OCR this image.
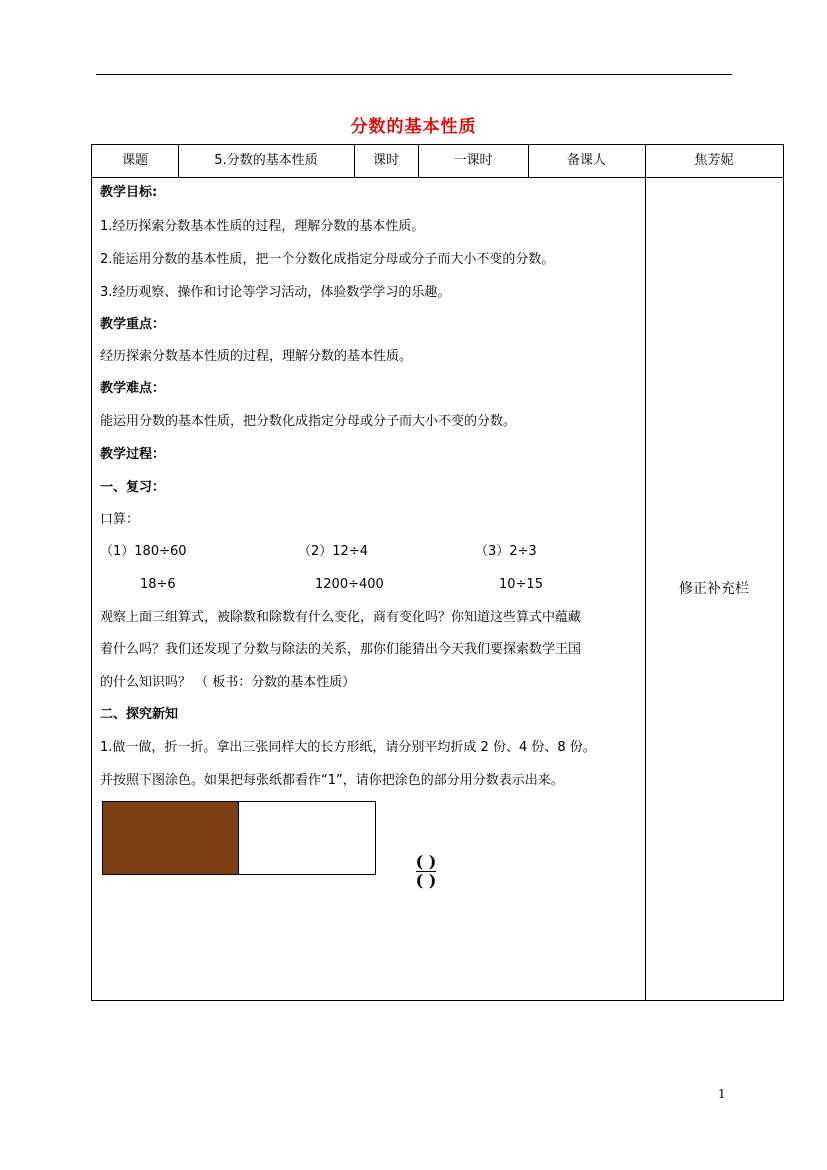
分数的基本性质
课题	5.分数的基本性质	课时	一课时	备课人	焦芳妮
教学目标:
1.经历探索分数基本性质的过程，理解分数的基本性质。
2.能运用分数的基本性质，把一个分数化成指定分母或分子而大小不变的分数。
3.经历观察、操作和讨论等学习活动，体验数学学习的乐趣。
教学重点：
经历探索分数基本性质的过程，理解分数的基本性质。
教学难点：
能运用分数的基本性质，把分数化成指定分母或分子而大小不变的分数。
教学过程：
一、复习：
口算：
（1）180÷60	（2）12÷4	（3）2÷3
18÷6	1200÷400	10÷15
观察上面三组算式，被除数和除数有什么变化，商有变化吗？你知道这些算式中蕴藏
着什么吗？我们还发现了分数与除法的关系，那你们能猜出今天我们要探索数学王国
的什么知识吗？ （ 板书：分数的基本性质）
二、探究新知
1.做一做，折一折。拿出三张同样大的长方形纸，请分别平均折成 2 份、4 份、8 份。
并按照下图涂色。如果把每张纸都看作“1”，请你把涂色的部分用分数表示出来。
( )
( )
修正补充栏
1
